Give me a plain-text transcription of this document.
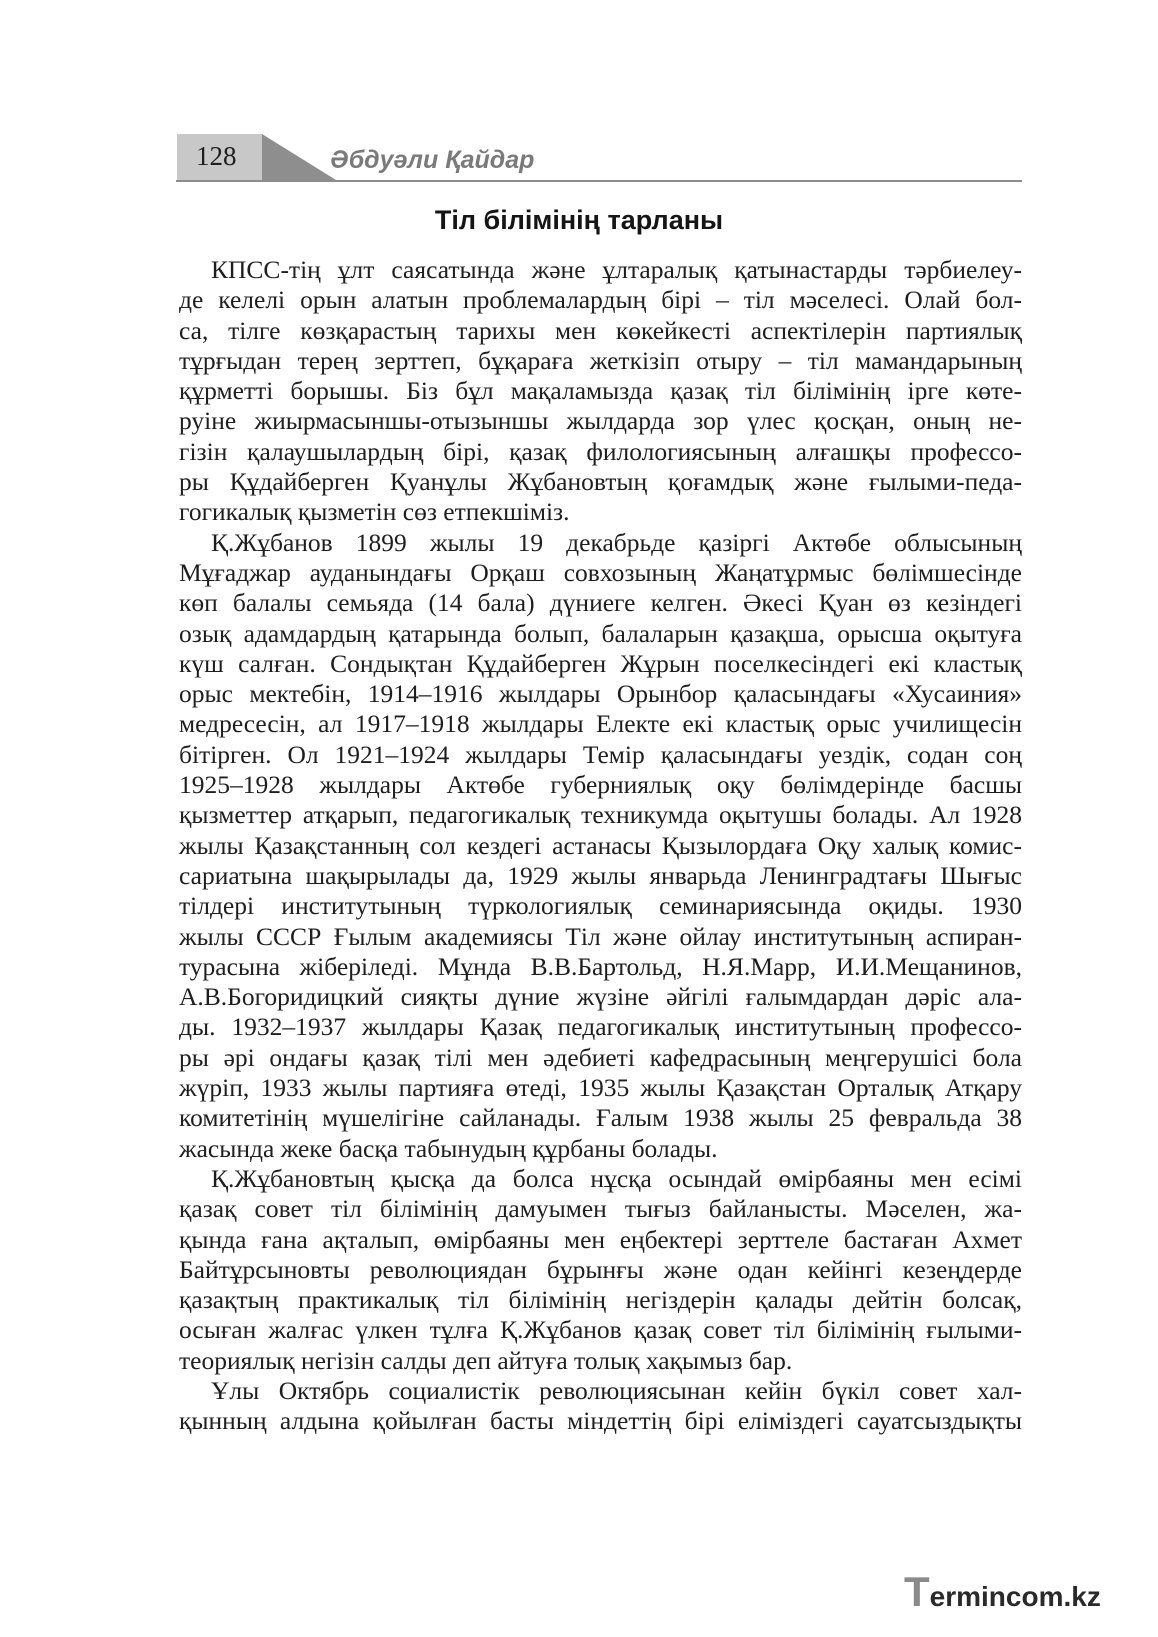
128	Әбдуәли Қайдар
Тіл білімінің тарланы
КПСС-тің ұлт саясатында және ұлтаралық қатынастарды тәрбиелеу-
де келелі орын алатын проблемалардың бірі – тіл мәселесі. Олай бол-
са, тілге көзқарастың тарихы мен көкейкесті аспектілерін партиялық
тұрғыдан терең зерттеп, бұқараға жеткізіп отыру – тіл мамандарының
құрметті борышы. Біз бұл мақаламызда қазақ тіл білімінің ірге көте-
руіне жиырмасыншы-отызыншы жылдарда зор үлес қосқан, оның не-
гізін қалаушылардың бірі, қазақ филологиясының алғашқы профессо-
ры Құдайберген Қуанұлы Жұбановтың қоғамдық және ғылыми-педа-
гогикалық қызметін сөз етпекшіміз.
Қ.Жұбанов 1899 жылы 19 декабрьде қазіргі Актөбе облысының
Мұғаджар ауданындағы Орқаш совхозының Жаңатұрмыс бөлімшесінде
көп балалы семьяда (14 бала) дүниеге келген. Әкесі Қуан өз кезіндегі
озық адамдардың қатарында болып, балаларын қазақша, орысша оқытуға
күш салған. Сондықтан Құдайберген Жұрын поселкесіндегі екі кластық
орыс мектебін, 1914–1916 жылдары Орынбор қаласындағы «Хусаиния»
медресесін, ал 1917–1918 жылдары Електе екі кластық орыс училищесін
бітірген. Ол 1921–1924 жылдары Темір қаласындағы уездік, содан соң
1925–1928 жылдары Актөбе губерниялық оқу бөлімдерінде басшы
қызметтер атқарып, педагогикалық техникумда оқытушы болады. Ал 1928
жылы Қазақстанның сол кездегі астанасы Қызылордаға Оқу халық комис-
сариатына шақырылады да, 1929 жылы январьда Ленинградтағы Шығыс
тілдері институтының түркологиялық семинариясында оқиды. 1930
жылы СССР Ғылым академиясы Тіл және ойлау институтының аспиран-
турасына жіберіледі. Мұнда В.В.Бартольд, Н.Я.Марр, И.И.Мещанинов,
А.В.Богоридицкий сияқты дүние жүзіне әйгілі ғалымдардан дәріс ала-
ды. 1932–1937 жылдары Қазақ педагогикалық институтының профессо-
ры әрі ондағы қазақ тілі мен әдебиеті кафедрасының меңгерушісі бола
жүріп, 1933 жылы партияға өтеді, 1935 жылы Қазақстан Орталық Атқару
комитетінің мүшелігіне сайланады. Ғалым 1938 жылы 25 февральда 38
жасында жеке басқа табынудың құрбаны болады.
Қ.Жұбановтың қысқа да болса нұсқа осындай өмірбаяны мен есімі
қазақ совет тіл білімінің дамуымен тығыз байланысты. Мәселен, жа-
қында ғана ақталып, өмірбаяны мен еңбектері зерттеле бастаған Ахмет
Байтұрсыновты революциядан бұрынғы және одан кейінгі кезеңдерде
қазақтың практикалық тіл білімінің негіздерін қалады дейтін болсақ,
осыған жалғас үлкен тұлға Қ.Жұбанов қазақ совет тіл білімінің ғылыми-
теориялық негізін салды деп айтуға толық хақымыз бар.
Ұлы Октябрь социалистік революциясынан кейін бүкіл совет хал-
қынның алдына қойылған басты міндеттің бірі еліміздегі сауатсыздықты
Termincom.kz
